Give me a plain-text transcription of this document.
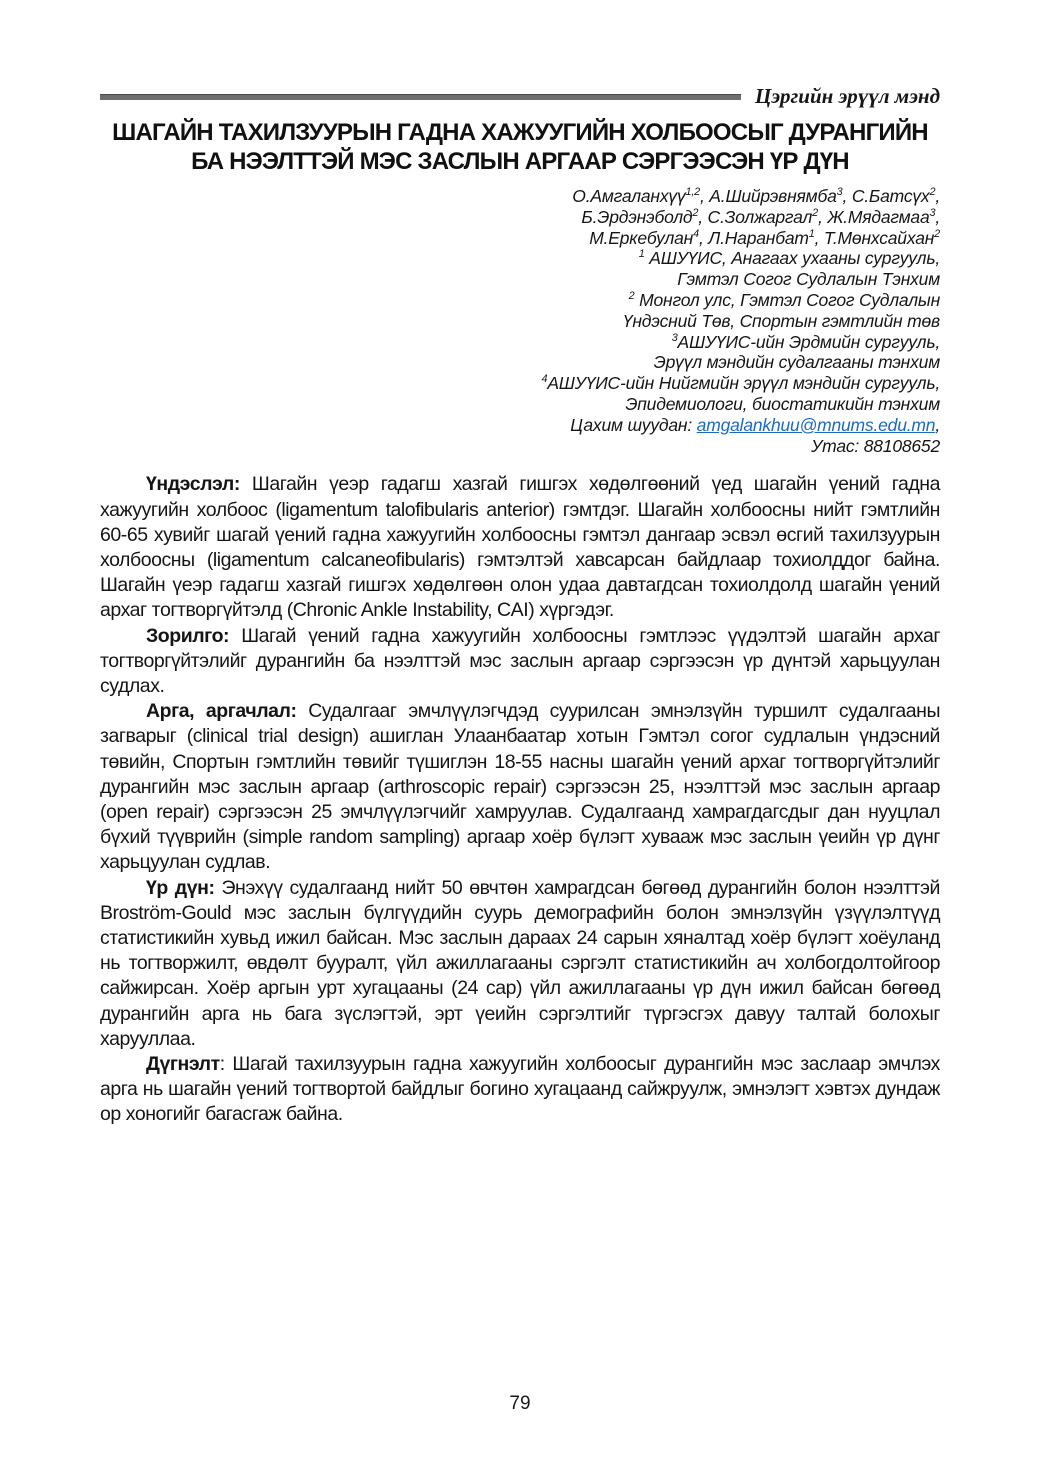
Цэргийн эрүүл мэнд
ШАГАЙН ТАХИЛЗУУРЫН ГАДНА ХАЖУУГИЙН ХОЛБООСЫГ ДУРАНГИЙН
БА НЭЭЛТТЭЙ МЭС ЗАСЛЫН АРГААР СЭРГЭЭСЭН ҮР ДҮН
О.Амгаланхүү$^{1,2}$, А.Шийрэвнямба$^3$, С.Батсүх$^2$,
Б.Эрдэнэболд$^2$, С.Золжаргал$^2$, Ж.Мядагмаа$^3$,
М.Еркебулан$^4$, Л.Наранбат$^1$, Т.Мөнхсайхан$^2$
$^1$ АШУҮИС, Анагаах ухааны сургууль,
Гэмтэл Согог Судлалын Тэнхим
$^2$ Монгол улс, Гэмтэл Согог Судлалын
Үндэсний Төв, Спортын гэмтлийн төв
$^3$АШУҮИС-ийн Эрдмийн сургууль,
Эрүүл мэндийн судалгааны тэнхим
$^4$АШУҮИС-ийн Нийгмийн эрүүл мэндийн сургууль,
Эпидемиологи, биостатикийн тэнхим
Цахим шуудан: amgalankhuu@mnums.edu.mn,
Утас: 88108652

Үндэслэл: Шагайн үеэр гадагш хазгай гишгэх хөдөлгөөний үед шагайн үений гадна хажуугийн холбоос (ligamentum talofibularis anterior) гэмтдэг. Шагайн холбоосны нийт гэмтлийн 60-65 хувийг шагай үений гадна хажуугийн холбоосны гэмтэл дангаар эсвэл өсгий тахилзуурын холбоосны (ligamentum calcaneofibularis) гэмтэлтэй хавсарсан байдлаар тохиолддог байна. Шагайн үеэр гадагш хазгай гишгэх хөдөлгөөн олон удаа давтагдсан тохиолдолд шагайн үений архаг тогтворгүйтэлд (Chronic Ankle Instability, CAI) хүргэдэг.

Зорилго: Шагай үений гадна хажуугийн холбоосны гэмтлээс үүдэлтэй шагайн архаг тогтворгүйтэлийг дурангийн ба нээлттэй мэс заслын аргаар сэргээсэн үр дүнтэй харьцуулан судлах.

Арга, аргачлал: Судалгааг эмчлүүлэгчдэд суурилсан эмнэлзүйн туршилт судалгааны загварыг (clinical trial design) ашиглан Улаанбаатар хотын Гэмтэл согог судлалын үндэсний төвийн, Спортын гэмтлийн төвийг түшиглэн 18-55 насны шагайн үений архаг тогтворгүйтэлийг дурангийн мэс заслын аргаар (arthroscopic repair) сэргээсэн 25, нээлттэй мэс заслын аргаар (open repair) сэргээсэн 25 эмчлүүлэгчийг хамруулав. Судалгаанд хамрагдагсдыг дан нууцлал бүхий түүврийн (simple random sampling) аргаар хоёр бүлэгт хувааж мэс заслын үеийн үр дүнг харьцуулан судлав.

Үр дүн: Энэхүү судалгаанд нийт 50 өвчтөн хамрагдсан бөгөөд дурангийн болон нээлттэй Broström-Gould мэс заслын бүлгүүдийн суурь демографийн болон эмнэлзүйн үзүүлэлтүүд статистикийн хувьд ижил байсан. Мэс заслын дараах 24 сарын хяналтад хоёр бүлэгт хоёуланд нь тогтворжилт, өвдөлт бууралт, үйл ажиллагааны сэргэлт статистикийн ач холбогдолтойгоор сайжирсан. Хоёр аргын урт хугацааны (24 сар) үйл ажиллагааны үр дүн ижил байсан бөгөөд дурангийн арга нь бага зүслэгтэй, эрт үеийн сэргэлтийг түргэсгэх давуу талтай болохыг харууллаа.

Дүгнэлт: Шагай тахилзуурын гадна хажуугийн холбоосыг дурангийн мэс заслаар эмчлэх арга нь шагайн үений тогтвортой байдлыг богино хугацаанд сайжруулж, эмнэлэгт хэвтэх дундаж ор хоногийг багасгаж байна.

79
